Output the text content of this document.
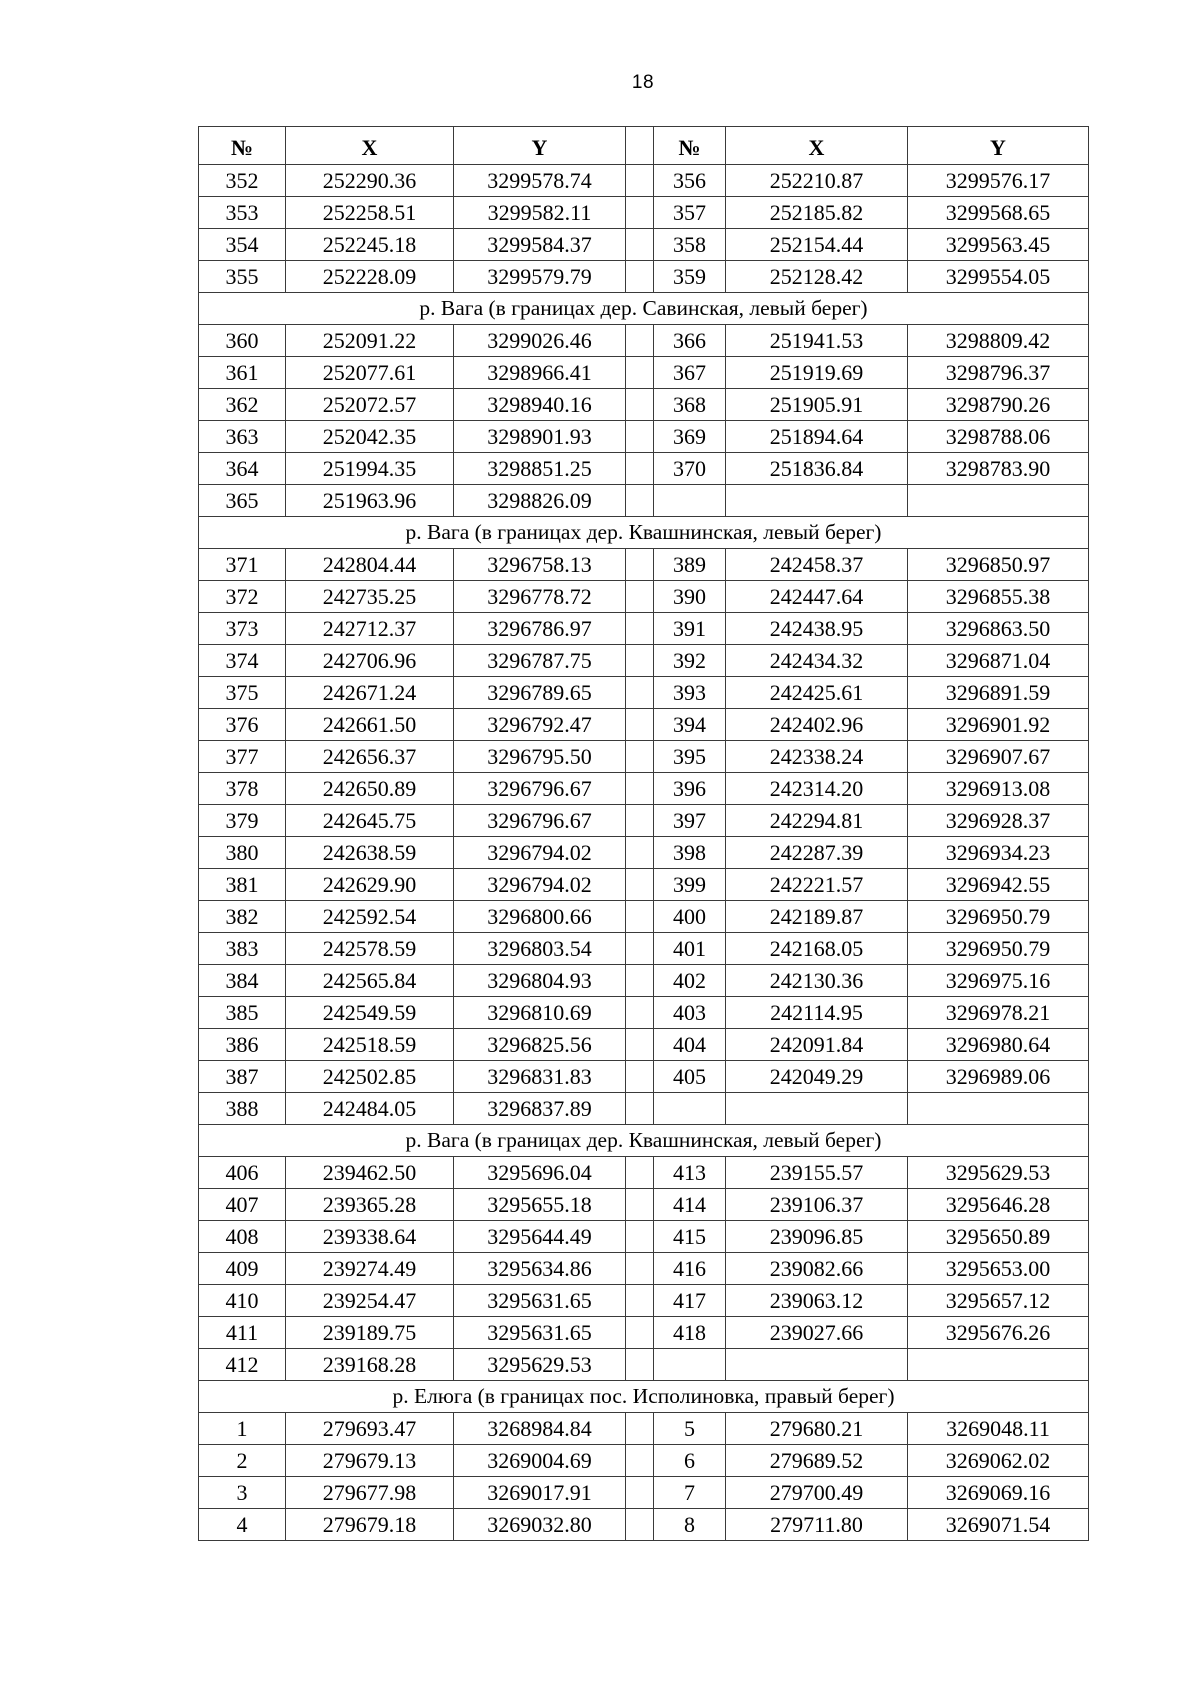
18
№	X	Y		№	X	Y
352	252290.36	3299578.74		356	252210.87	3299576.17
353	252258.51	3299582.11		357	252185.82	3299568.65
354	252245.18	3299584.37		358	252154.44	3299563.45
355	252228.09	3299579.79		359	252128.42	3299554.05
р. Вага (в границах дер. Савинская, левый берег)						
360	252091.22	3299026.46		366	251941.53	3298809.42
361	252077.61	3298966.41		367	251919.69	3298796.37
362	252072.57	3298940.16		368	251905.91	3298790.26
363	252042.35	3298901.93		369	251894.64	3298788.06
364	251994.35	3298851.25		370	251836.84	3298783.90
365	251963.96	3298826.09				
р. Вага (в границах дер. Квашнинская, левый берег)						
371	242804.44	3296758.13		389	242458.37	3296850.97
372	242735.25	3296778.72		390	242447.64	3296855.38
373	242712.37	3296786.97		391	242438.95	3296863.50
374	242706.96	3296787.75		392	242434.32	3296871.04
375	242671.24	3296789.65		393	242425.61	3296891.59
376	242661.50	3296792.47		394	242402.96	3296901.92
377	242656.37	3296795.50		395	242338.24	3296907.67
378	242650.89	3296796.67		396	242314.20	3296913.08
379	242645.75	3296796.67		397	242294.81	3296928.37
380	242638.59	3296794.02		398	242287.39	3296934.23
381	242629.90	3296794.02		399	242221.57	3296942.55
382	242592.54	3296800.66		400	242189.87	3296950.79
383	242578.59	3296803.54		401	242168.05	3296950.79
384	242565.84	3296804.93		402	242130.36	3296975.16
385	242549.59	3296810.69		403	242114.95	3296978.21
386	242518.59	3296825.56		404	242091.84	3296980.64
387	242502.85	3296831.83		405	242049.29	3296989.06
388	242484.05	3296837.89				
р. Вага (в границах дер. Квашнинская, левый берег)						
406	239462.50	3295696.04		413	239155.57	3295629.53
407	239365.28	3295655.18		414	239106.37	3295646.28
408	239338.64	3295644.49		415	239096.85	3295650.89
409	239274.49	3295634.86		416	239082.66	3295653.00
410	239254.47	3295631.65		417	239063.12	3295657.12
411	239189.75	3295631.65		418	239027.66	3295676.26
412	239168.28	3295629.53				
р. Елюга (в границах пос. Исполиновка, правый берег)						
1	279693.47	3268984.84		5	279680.21	3269048.11
2	279679.13	3269004.69		6	279689.52	3269062.02
3	279677.98	3269017.91		7	279700.49	3269069.16
4	279679.18	3269032.80		8	279711.80	3269071.54
